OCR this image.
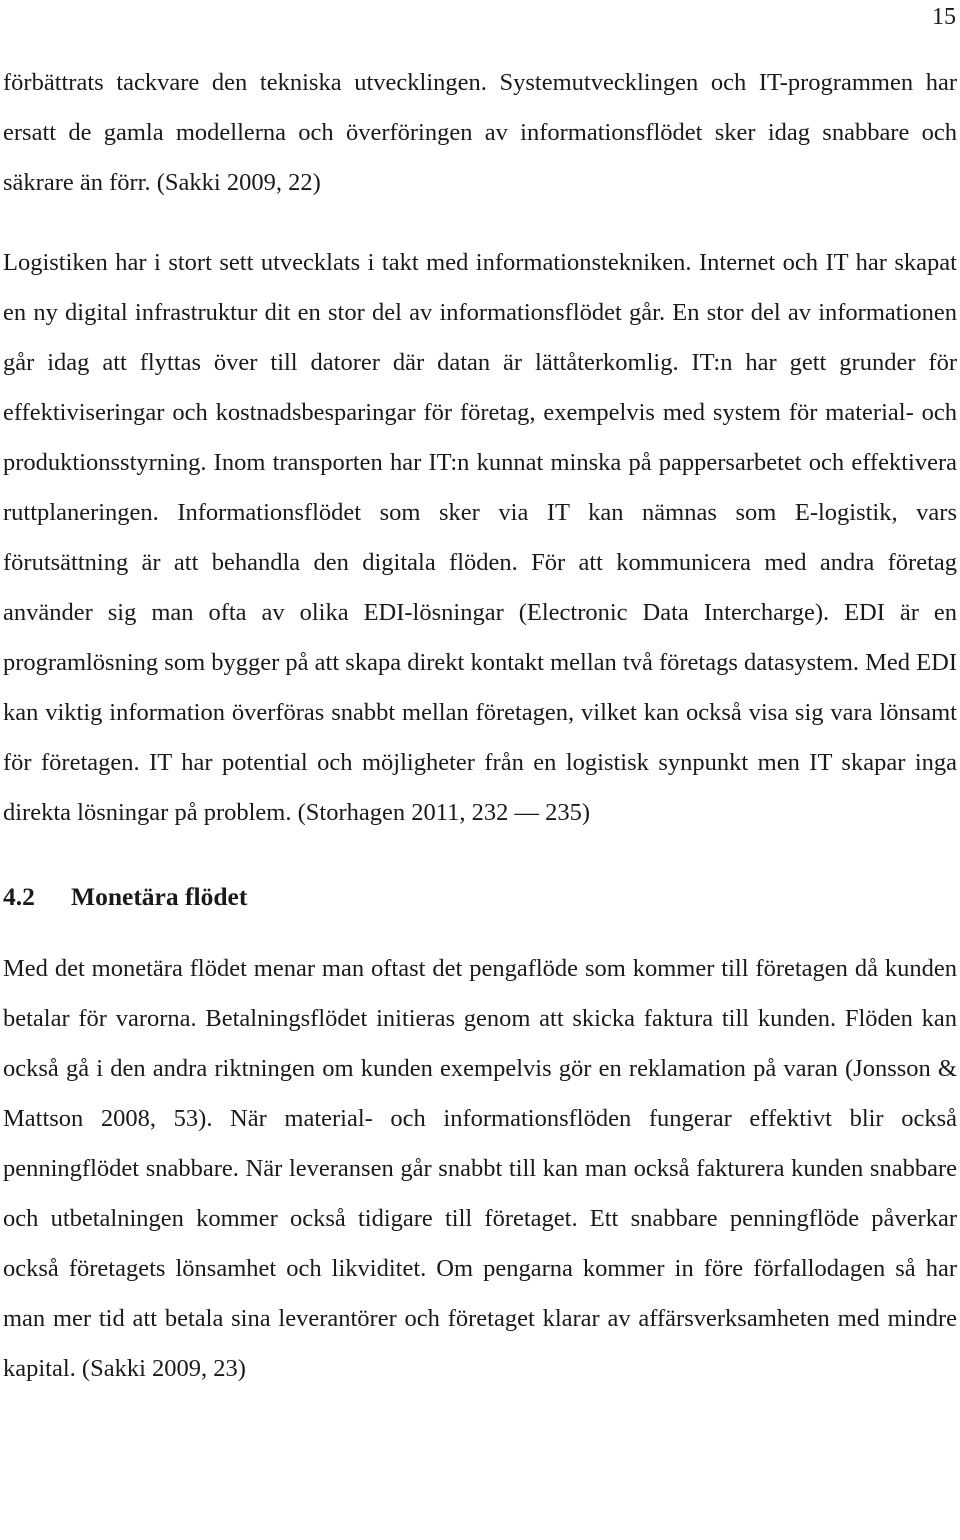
15

förbättrats tackvare den tekniska utvecklingen. Systemutvecklingen och IT-programmen har ersatt de gamla modellerna och överföringen av informationsflödet sker idag snabbare och säkrare än förr. (Sakki 2009, 22)

Logistiken har i stort sett utvecklats i takt med informationstekniken. Internet och IT har skapat en ny digital infrastruktur dit en stor del av informationsflödet går. En stor del av informationen går idag att flyttas över till datorer där datan är lättåterkomlig. IT:n har gett grunder för effektiviseringar och kostnadsbesparingar för företag, exempelvis med system för material- och produktionsstyrning. Inom transporten har IT:n kunnat minska på pappersarbetet och effektivera ruttplaneringen. Informationsflödet som sker via IT kan nämnas som E-logistik, vars förutsättning är att behandla den digitala flöden. För att kommunicera med andra företag använder sig man ofta av olika EDI-lösningar (Electronic Data Intercharge). EDI är en programlösning som bygger på att skapa direkt kontakt mellan två företags datasystem. Med EDI kan viktig information överföras snabbt mellan företagen, vilket kan också visa sig vara lönsamt för företagen. IT har potential och möjligheter från en logistisk synpunkt men IT skapar inga direkta lösningar på problem. (Storhagen 2011, 232 — 235)

4.2	Monetära flödet

Med det monetära flödet menar man oftast det pengaflöde som kommer till företagen då kunden betalar för varorna. Betalningsflödet initieras genom att skicka faktura till kunden. Flöden kan också gå i den andra riktningen om kunden exempelvis gör en reklamation på varan (Jonsson & Mattson 2008, 53). När material- och informationsflöden fungerar effektivt blir också penningflödet snabbare. När leveransen går snabbt till kan man också fakturera kunden snabbare och utbetalningen kommer också tidigare till företaget. Ett snabbare penningflöde påverkar också företagets lönsamhet och likviditet. Om pengarna kommer in före förfallodagen så har man mer tid att betala sina leverantörer och företaget klarar av affärsverksamheten med mindre kapital. (Sakki 2009, 23)
